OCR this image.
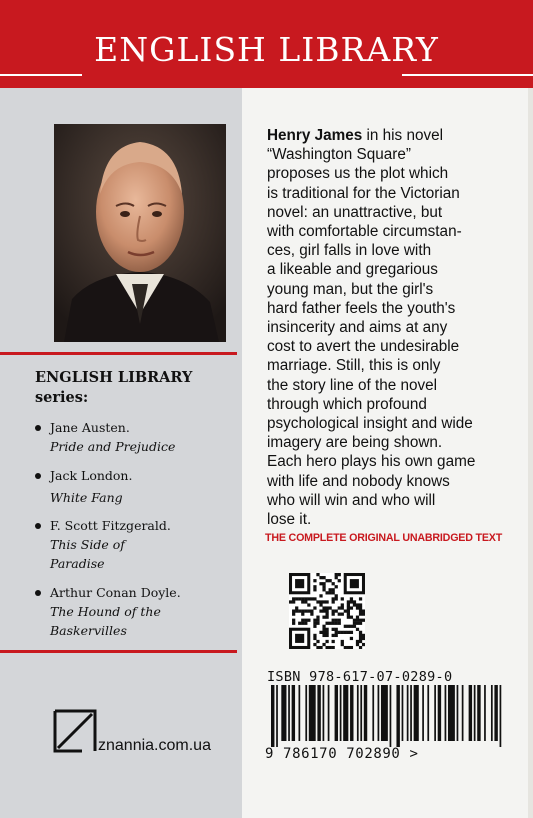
ENGLISH LIBRARY
ENGLISH LIBRARY
series:
Jane Austen.
Pride and Prejudice
Jack London.
White Fang
F. Scott Fitzgerald.
This Side of
Paradise
Arthur Conan Doyle.
The Hound of the
Baskervilles
znannia.com.ua
Henry James in his novel
“Washington Square”
proposes us the plot which
is traditional for the Victorian
novel: an unattractive, but
with comfortable circumstan-
ces, girl falls in love with
a likeable and gregarious
young man, but the girl's
hard father feels the youth's
insincerity and aims at any
cost to avert the undesirable
marriage. Still, this is only
the story line of the novel
through which profound
psychological insight and wide
imagery are being shown.
Each hero plays his own game
with life and nobody knows
who will win and who will
lose it.
THE COMPLETE ORIGINAL UNABRIDGED TEXT
ISBN 978-617-07-0289-0
9 786170 702890 >
